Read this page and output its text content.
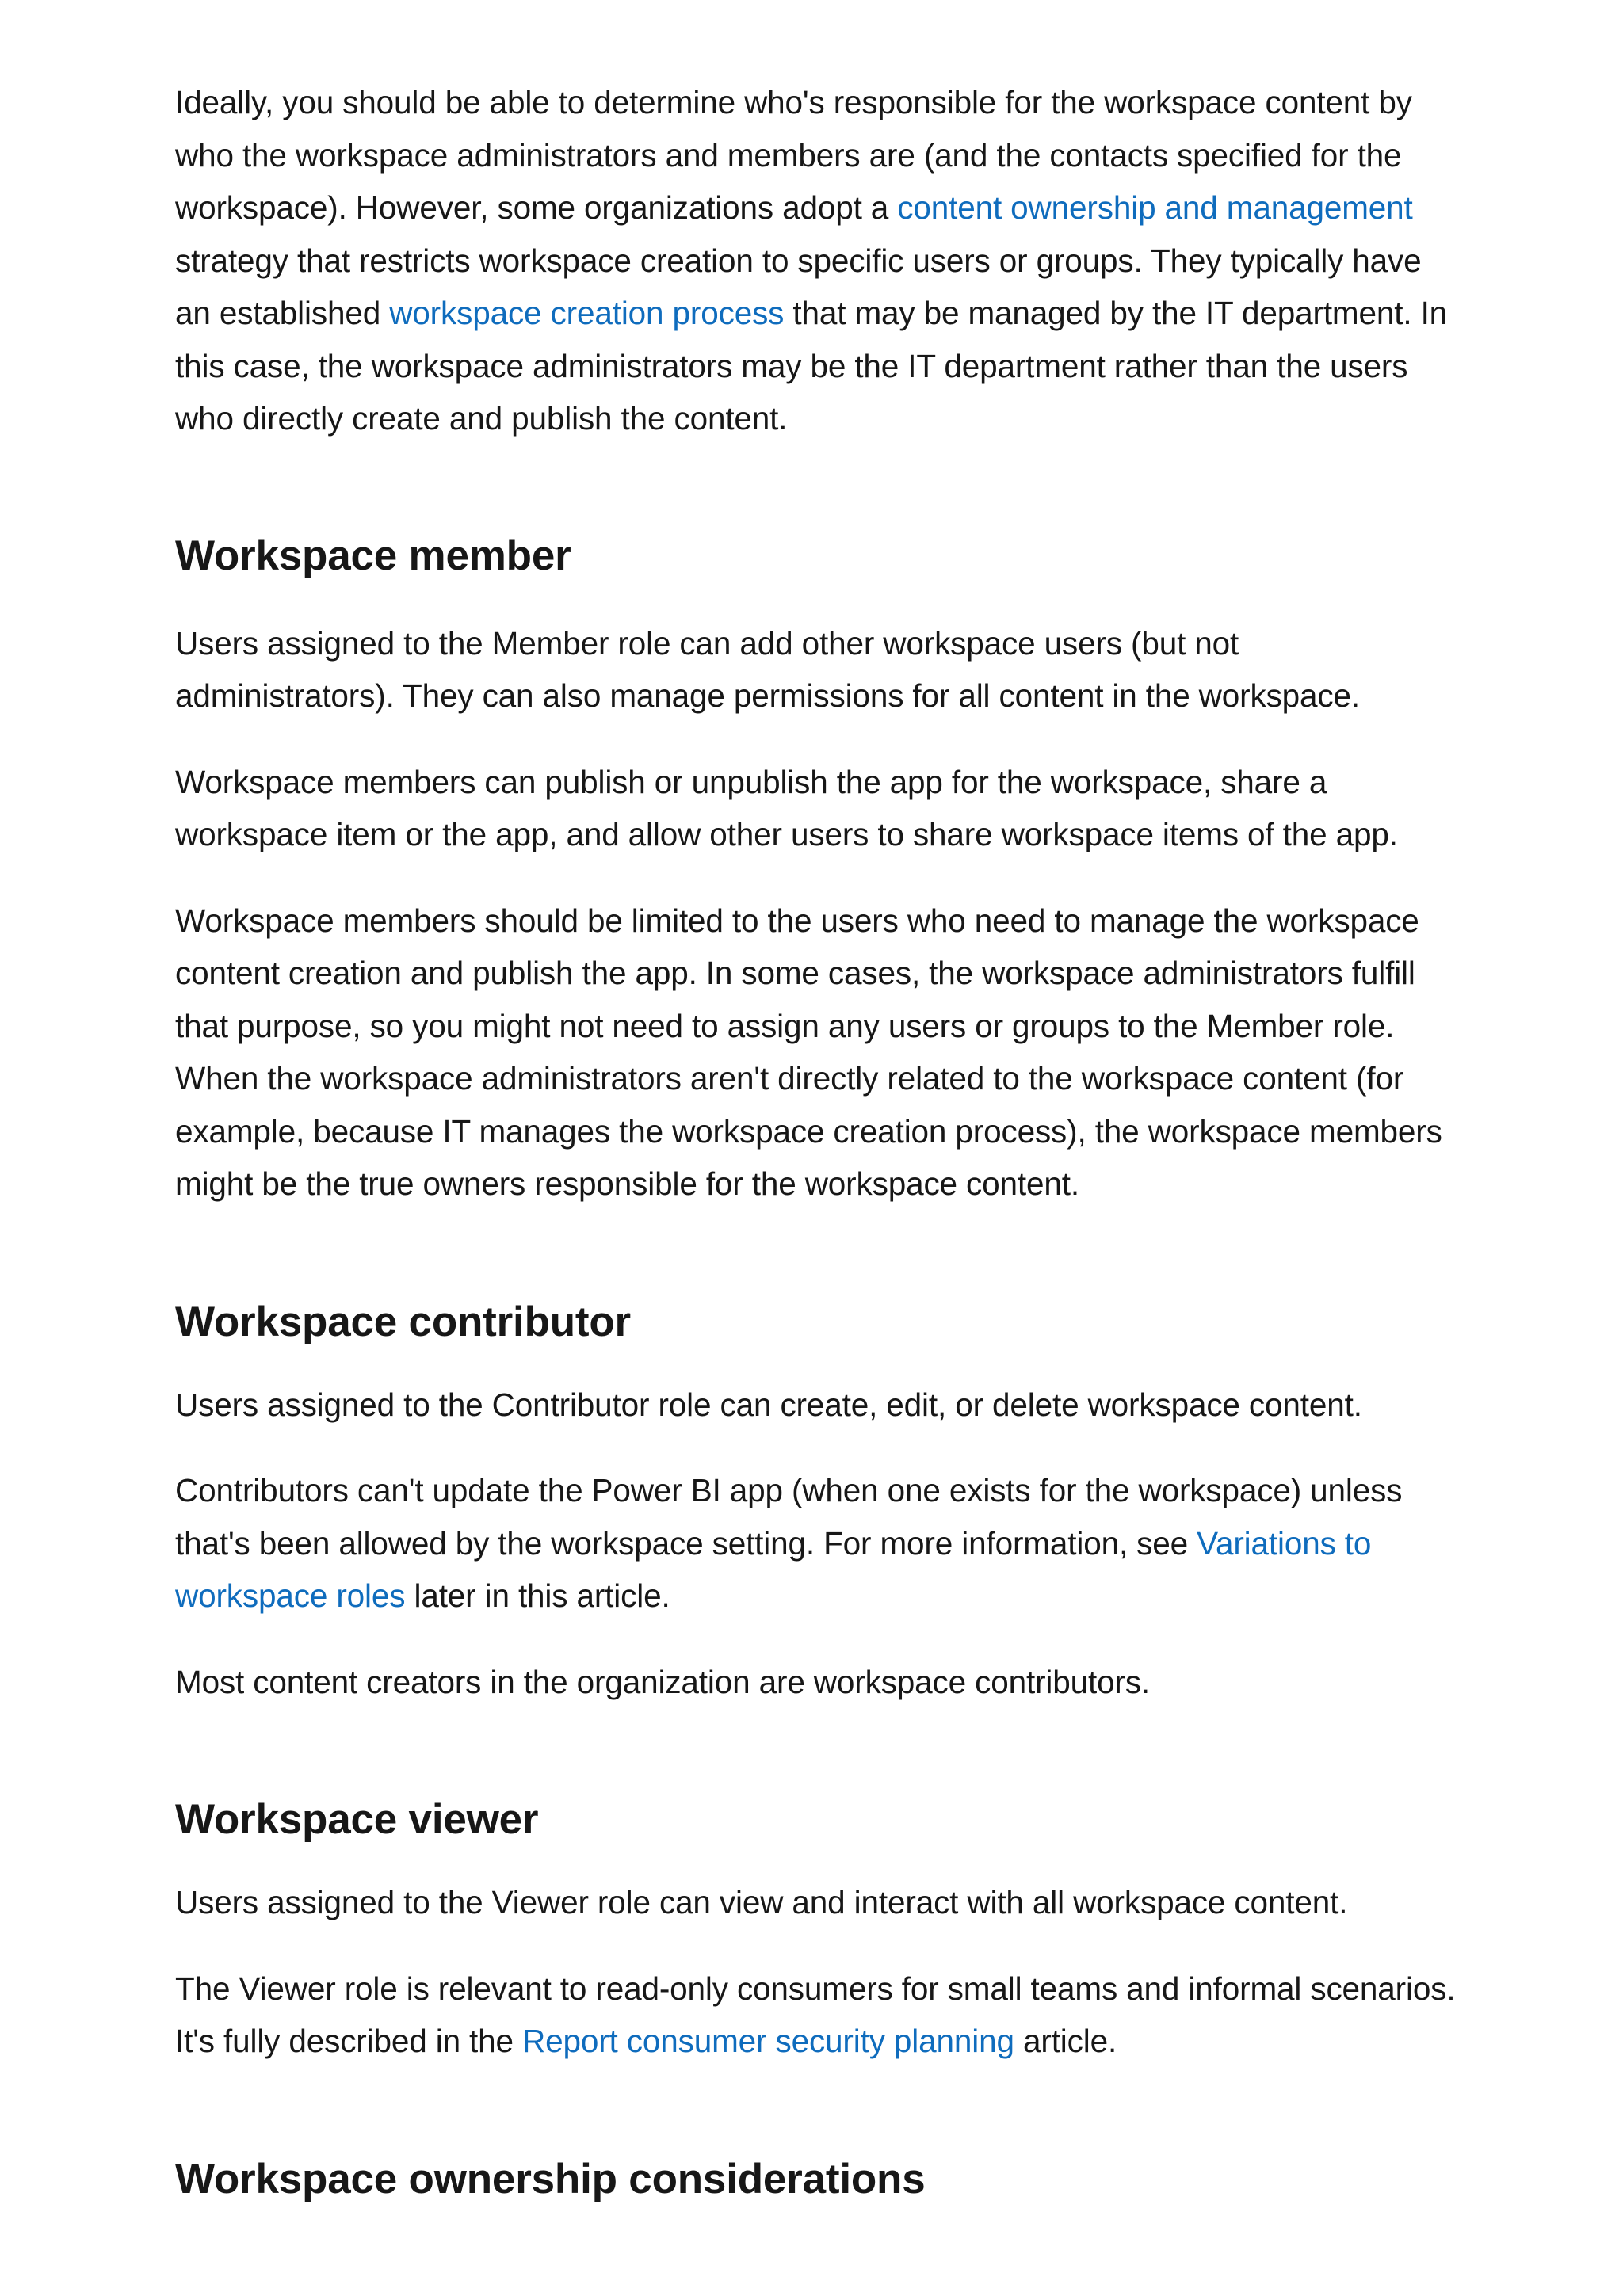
Ideally, you should be able to determine who's responsible for the workspace content by who the workspace administrators and members are (and the contacts specified for the workspace). However, some organizations adopt a content ownership and management strategy that restricts workspace creation to specific users or groups. They typically have an established workspace creation process that may be managed by the IT department. In this case, the workspace administrators may be the IT department rather than the users who directly create and publish the content.

Workspace member

Users assigned to the Member role can add other workspace users (but not administrators). They can also manage permissions for all content in the workspace.

Workspace members can publish or unpublish the app for the workspace, share a workspace item or the app, and allow other users to share workspace items of the app.

Workspace members should be limited to the users who need to manage the workspace content creation and publish the app. In some cases, the workspace administrators fulfill that purpose, so you might not need to assign any users or groups to the Member role. When the workspace administrators aren't directly related to the workspace content (for example, because IT manages the workspace creation process), the workspace members might be the true owners responsible for the workspace content.

Workspace contributor

Users assigned to the Contributor role can create, edit, or delete workspace content.

Contributors can't update the Power BI app (when one exists for the workspace) unless that's been allowed by the workspace setting. For more information, see Variations to workspace roles later in this article.

Most content creators in the organization are workspace contributors.

Workspace viewer

Users assigned to the Viewer role can view and interact with all workspace content.

The Viewer role is relevant to read-only consumers for small teams and informal scenarios. It's fully described in the Report consumer security planning article.

Workspace ownership considerations
